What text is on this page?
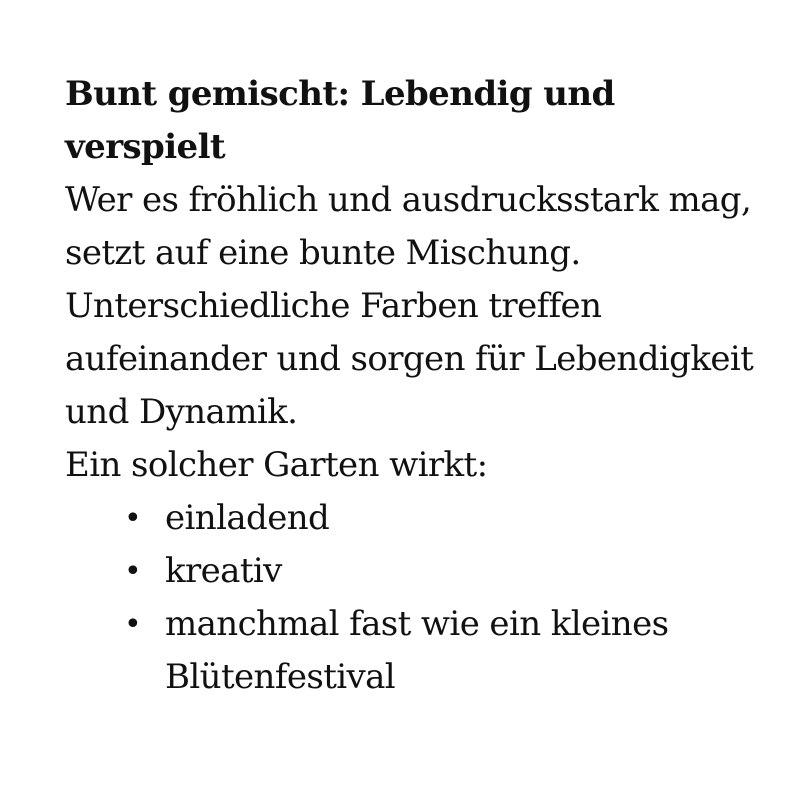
Bunt gemischt: Lebendig und verspielt

Wer es fröhlich und ausdrucksstark mag, setzt auf eine bunte Mischung. Unterschiedliche Farben treffen aufeinander und sorgen für Lebendigkeit und Dynamik.

Ein solcher Garten wirkt:

• einladend
• kreativ
• manchmal fast wie ein kleines Blütenfestival
